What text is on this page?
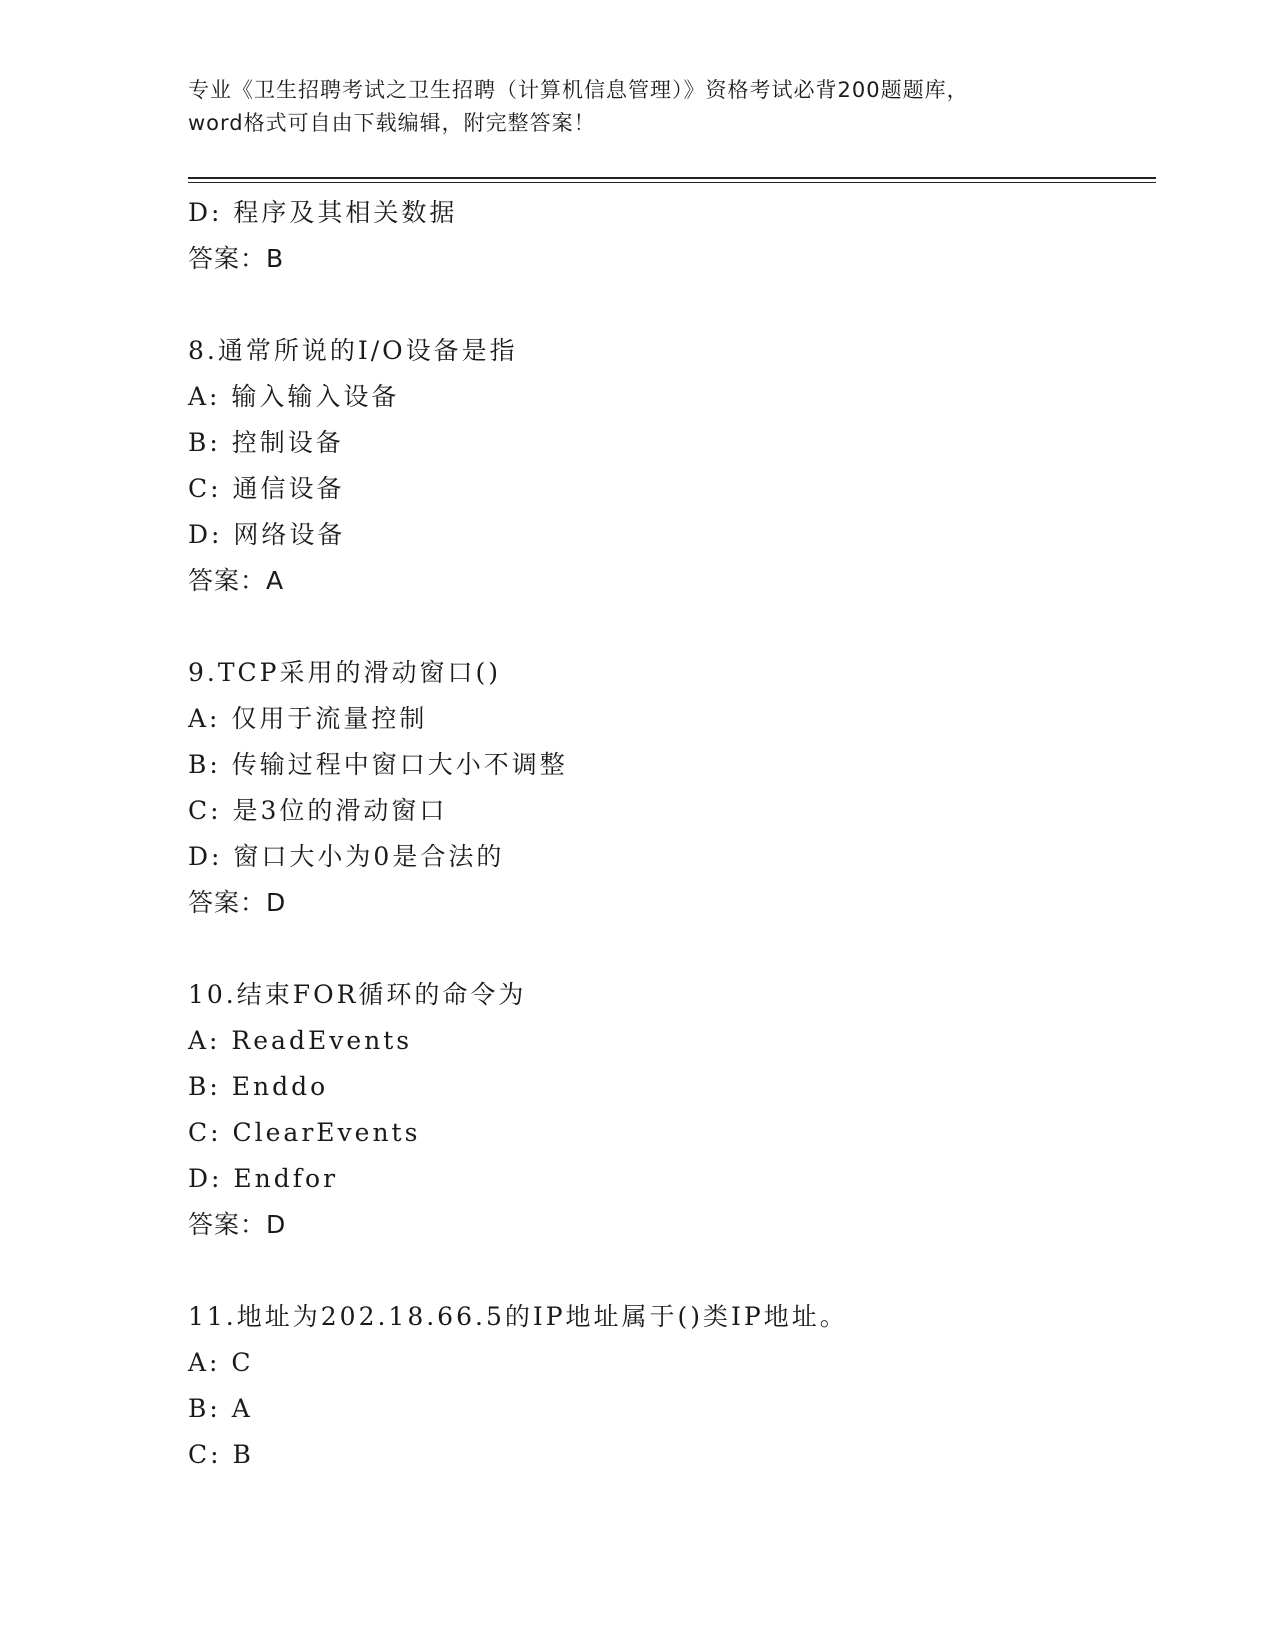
专业《卫生招聘考试之卫生招聘（计算机信息管理）》资格考试必背200题题库，
word格式可自由下载编辑，附完整答案！
D: 程序及其相关数据
答案：B
8.通常所说的I/O设备是指
A: 输入输入设备
B: 控制设备
C: 通信设备
D: 网络设备
答案：A
9.TCP采用的滑动窗口()
A: 仅用于流量控制
B: 传输过程中窗口大小不调整
C: 是3位的滑动窗口
D: 窗口大小为0是合法的
答案：D
10.结束FOR循环的命令为
A: ReadEvents
B: Enddo
C: ClearEvents
D: Endfor
答案：D
11.地址为202.18.66.5的IP地址属于()类IP地址。
A: C
B: A
C: B
